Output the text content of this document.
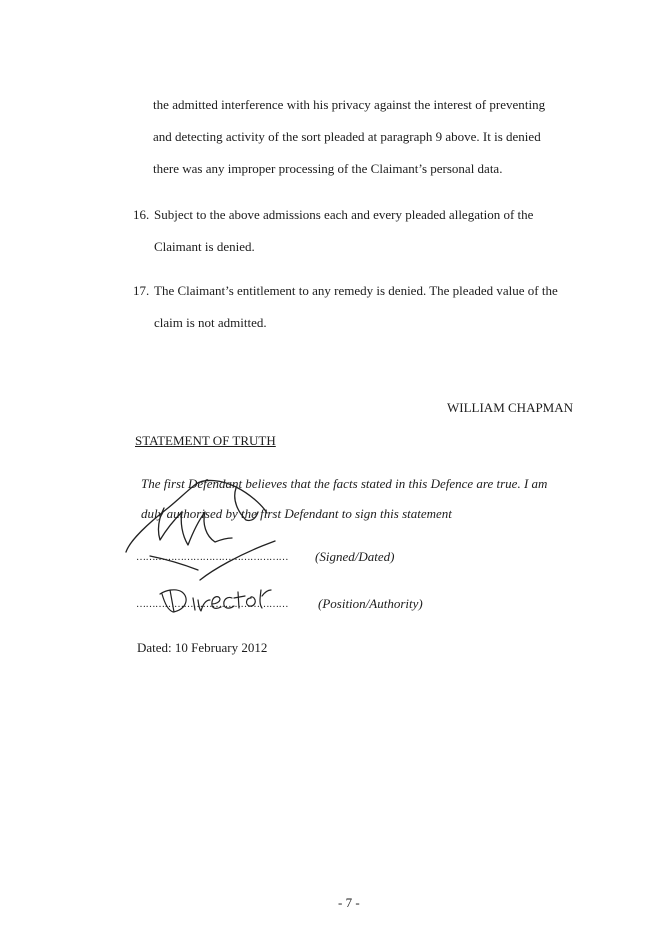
the admitted interference with his privacy against the interest of preventing
and detecting activity of the sort pleaded at paragraph 9 above. It is denied
there was any improper processing of the Claimant’s personal data.
16. Subject to the above admissions each and every pleaded allegation of the
Claimant is denied.
17. The Claimant’s entitlement to any remedy is denied. The pleaded value of the
claim is not admitted.
WILLIAM CHAPMAN
STATEMENT OF TRUTH
The first Defendant believes that the facts stated in this Defence are true. I am
duly authorised by the first Defendant to sign this statement
………………………………………… (Signed/Dated)
………………………………………… (Position/Authority)
Dated: 10 February 2012
- 7 -
